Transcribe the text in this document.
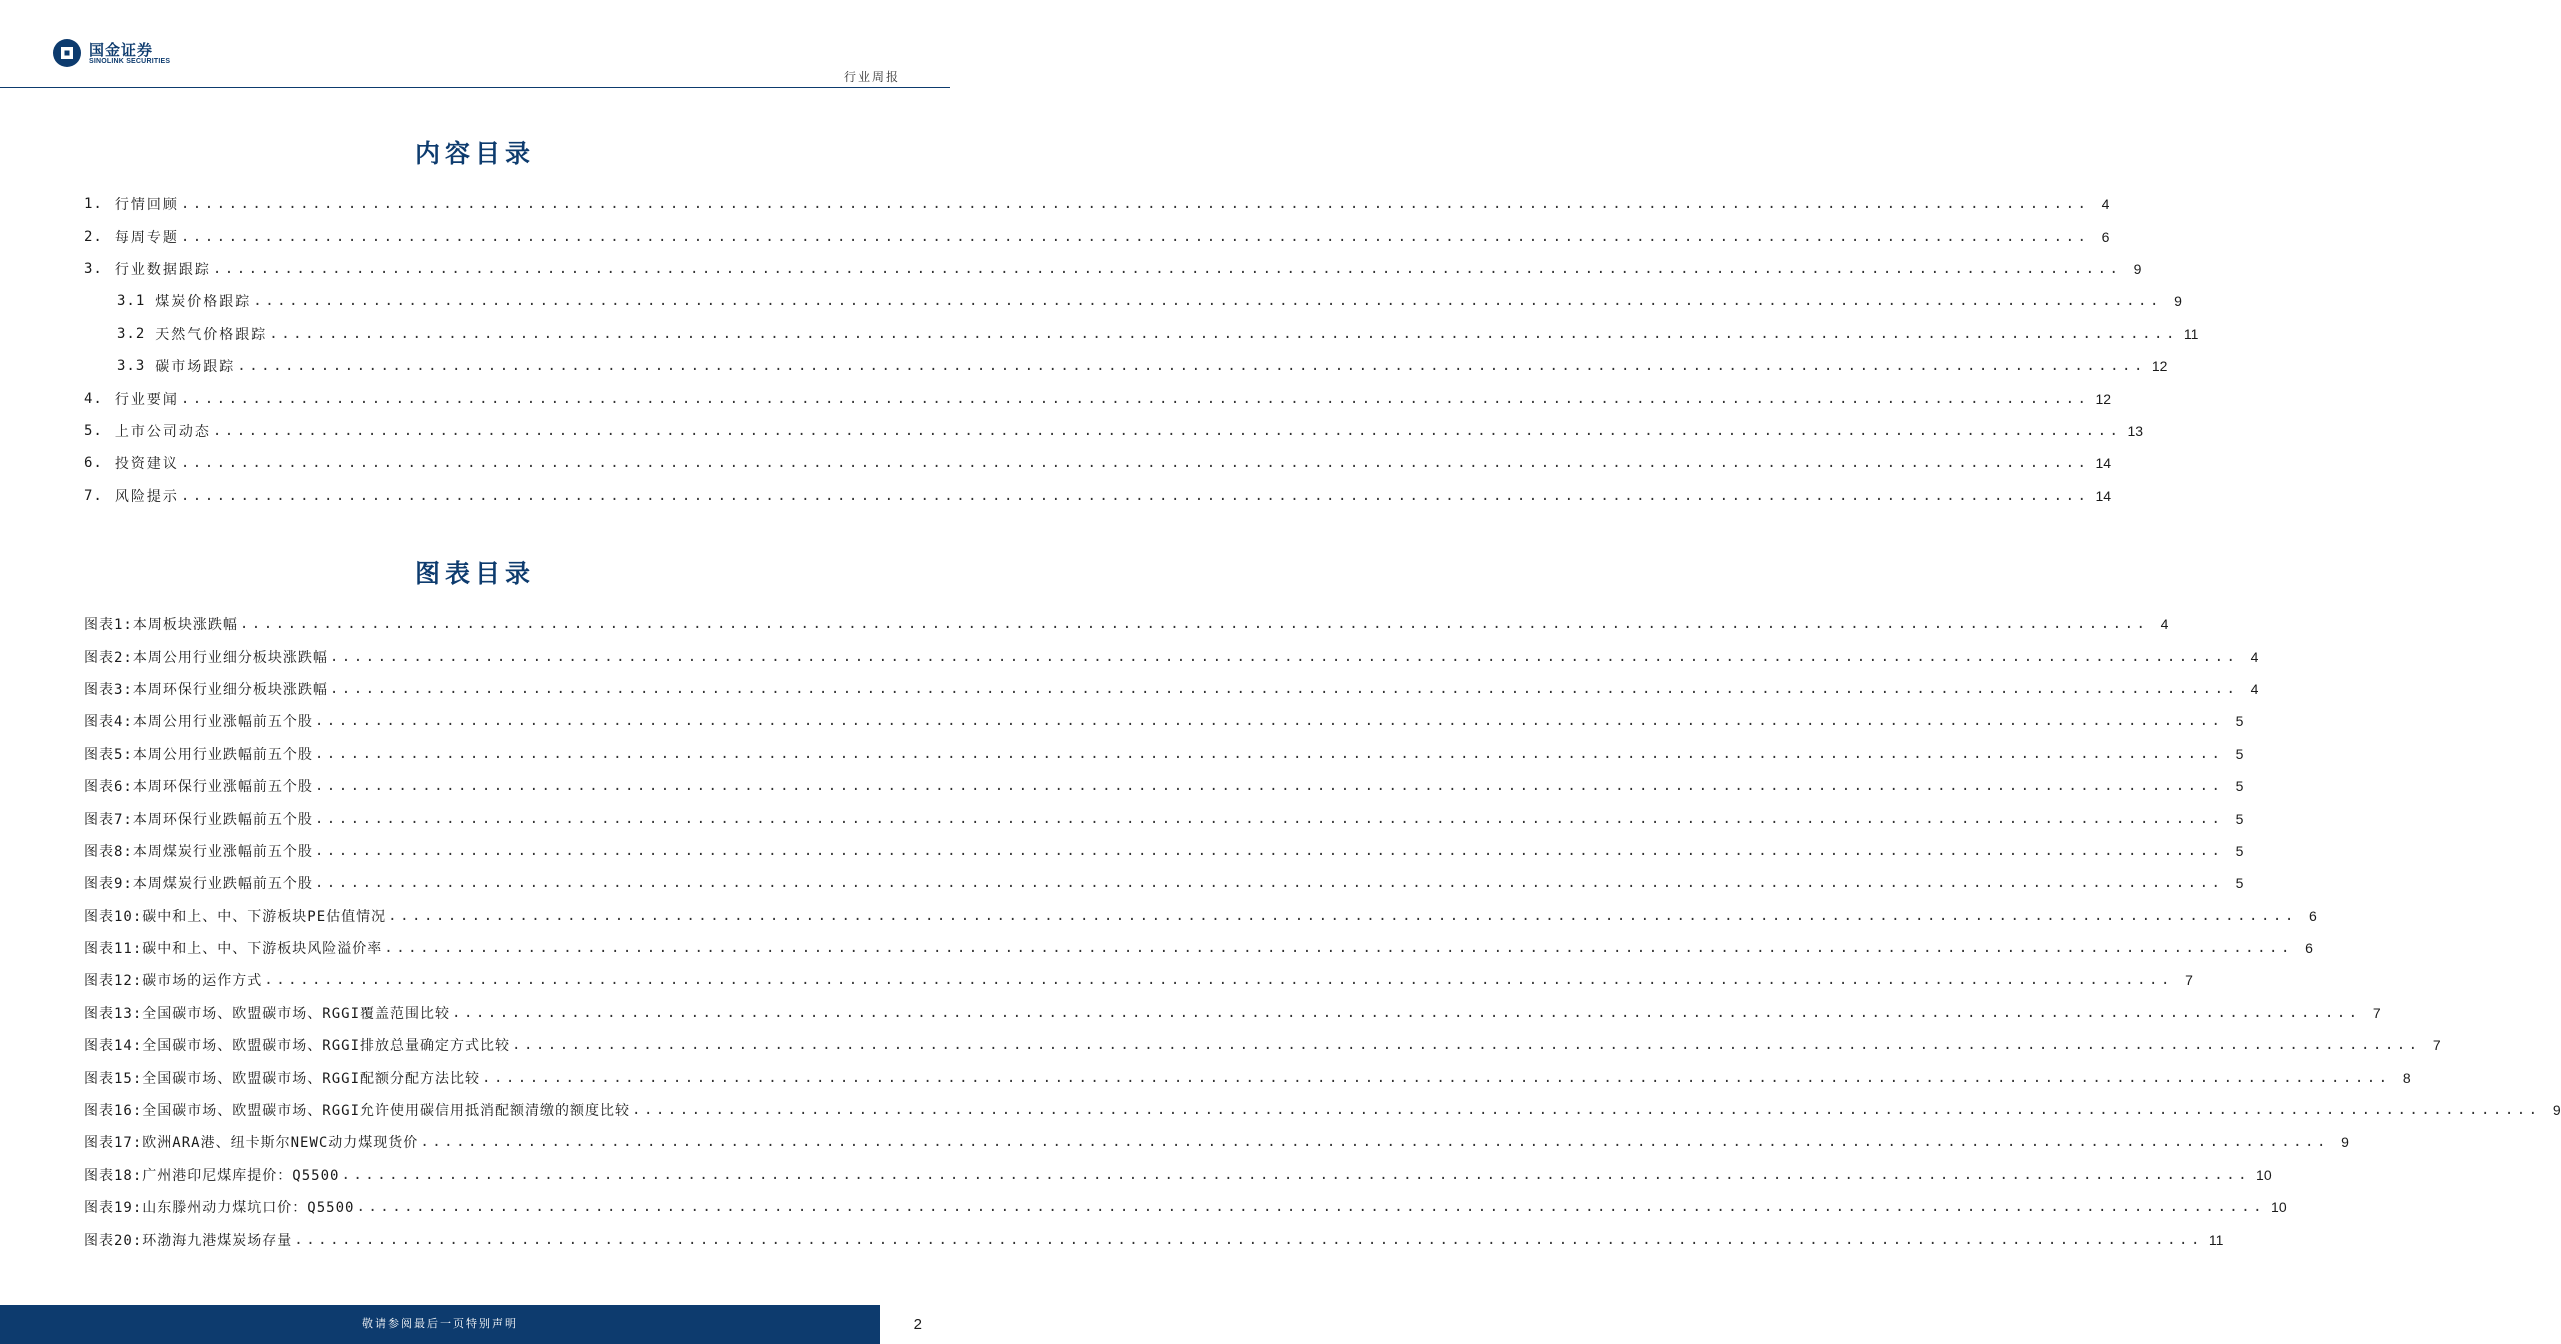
国金证券
SINOLINK SECURITIES
行业周报
内容目录
1. 行情回顾 ................................................................................................................................................................ 4
2. 每周专题 ................................................................................................................................................................ 6
3. 行业数据跟踪 ................................................................................................................................................................ 9
3.1 煤炭价格跟踪 ................................................................................................................................................................ 9
3.2 天然气价格跟踪 ................................................................................................................................................................ 11
3.3 碳市场跟踪 ................................................................................................................................................................ 12
4. 行业要闻 ................................................................................................................................................................ 12
5. 上市公司动态 ................................................................................................................................................................ 13
6. 投资建议 ................................................................................................................................................................ 14
7. 风险提示 ................................................................................................................................................................ 14
图表目录
图表1: 本周板块涨跌幅 ................................................................................................................................................................ 4
图表2: 本周公用行业细分板块涨跌幅 ................................................................................................................................................................ 4
图表3: 本周环保行业细分板块涨跌幅 ................................................................................................................................................................ 4
图表4: 本周公用行业涨幅前五个股 ................................................................................................................................................................ 5
图表5: 本周公用行业跌幅前五个股 ................................................................................................................................................................ 5
图表6: 本周环保行业涨幅前五个股 ................................................................................................................................................................ 5
图表7: 本周环保行业跌幅前五个股 ................................................................................................................................................................ 5
图表8: 本周煤炭行业涨幅前五个股 ................................................................................................................................................................ 5
图表9: 本周煤炭行业跌幅前五个股 ................................................................................................................................................................ 5
图表10: 碳中和上、中、下游板块PE估值情况 ................................................................................................................................................................ 6
图表11: 碳中和上、中、下游板块风险溢价率 ................................................................................................................................................................ 6
图表12: 碳市场的运作方式 ................................................................................................................................................................ 7
图表13: 全国碳市场、欧盟碳市场、RGGI覆盖范围比较 ................................................................................................................................................................ 7
图表14: 全国碳市场、欧盟碳市场、RGGI排放总量确定方式比较 ................................................................................................................................................................ 7
图表15: 全国碳市场、欧盟碳市场、RGGI配额分配方法比较 ................................................................................................................................................................ 8
图表16: 全国碳市场、欧盟碳市场、RGGI允许使用碳信用抵消配额清缴的额度比较 ................................................................................................................................................................ 9
图表17: 欧洲ARA港、纽卡斯尔NEWC动力煤现货价 ................................................................................................................................................................ 9
图表18: 广州港印尼煤库提价：Q5500 ................................................................................................................................................................ 10
图表19: 山东滕州动力煤坑口价：Q5500 ................................................................................................................................................................ 10
图表20: 环渤海九港煤炭场存量 ................................................................................................................................................................ 11
敬请参阅最后一页特别声明	2
